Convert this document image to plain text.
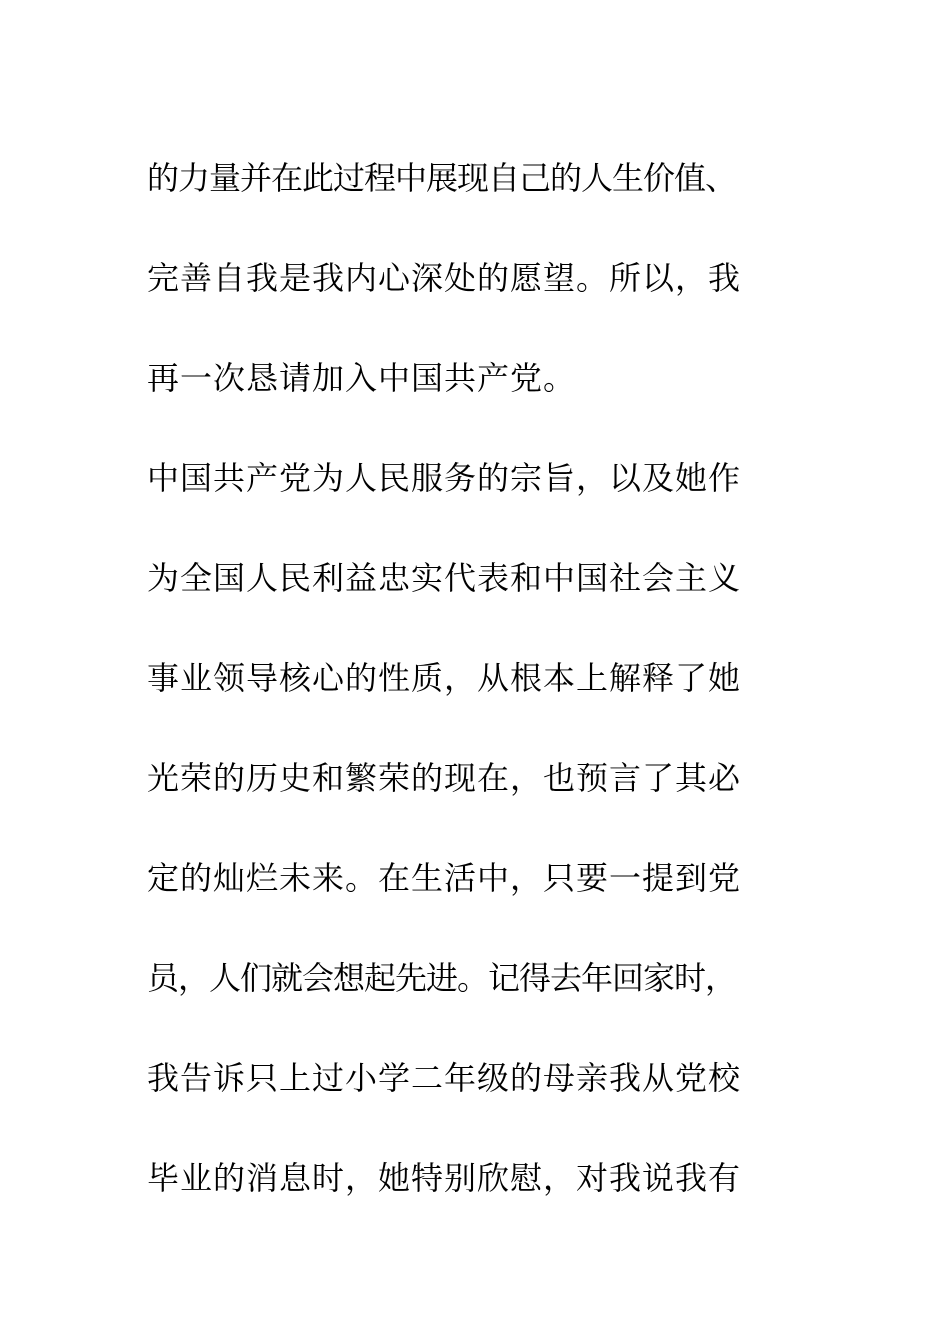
的力量并在此过程中展现自己的人生价值、
完善自我是我内心深处的愿望。所以，我
再一次恳请加入中国共产党。
中国共产党为人民服务的宗旨，以及她作
为全国人民利益忠实代表和中国社会主义
事业领导核心的性质，从根本上解释了她
光荣的历史和繁荣的现在，也预言了其必
定的灿烂未来。在生活中，只要一提到党
员，人们就会想起先进。记得去年回家时，
我告诉只上过小学二年级的母亲我从党校
毕业的消息时，她特别欣慰，对我说我有
